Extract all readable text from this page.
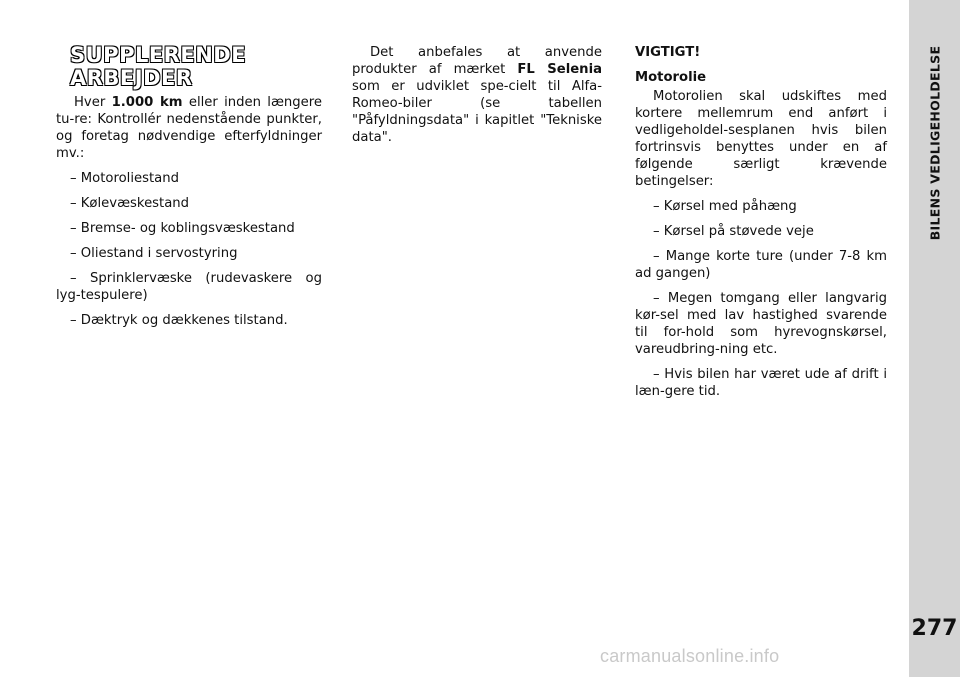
SUPPLERENDE
ARBEJDER

Hver 1.000 km eller inden længere tu-re: Kontrollér nedenstående punkter, og foretag nødvendige efterfyldninger mv.:

– Motoroliestand

– Kølevæskestand

– Bremse- og koblingsvæskestand

– Oliestand i servostyring

– Sprinklervæske (rudevaskere og lyg-tespulere)

– Dæktryk og dækkenes tilstand.

Det anbefales at anvende produkter af mærket FL Selenia som er udviklet spe-cielt til Alfa-Romeo-biler (se tabellen "Påfyldningsdata" i kapitlet "Tekniske data".

VIGTIGT!

Motorolie

Motorolien skal udskiftes med kortere mellemrum end anført i vedligeholdel-sesplanen hvis bilen fortrinsvis benyttes under en af følgende særligt krævende betingelser:

– Kørsel med påhæng

– Kørsel på støvede veje

– Mange korte ture (under 7-8 km ad gangen)

– Megen tomgang eller langvarig kør-sel med lav hastighed svarende til for-hold som hyrevognskørsel, vareudbring-ning etc.

– Hvis bilen har været ude af drift i læn-gere tid.

BILENS VEDLIGEHOLDELSE
277
carmanualsonline.info
